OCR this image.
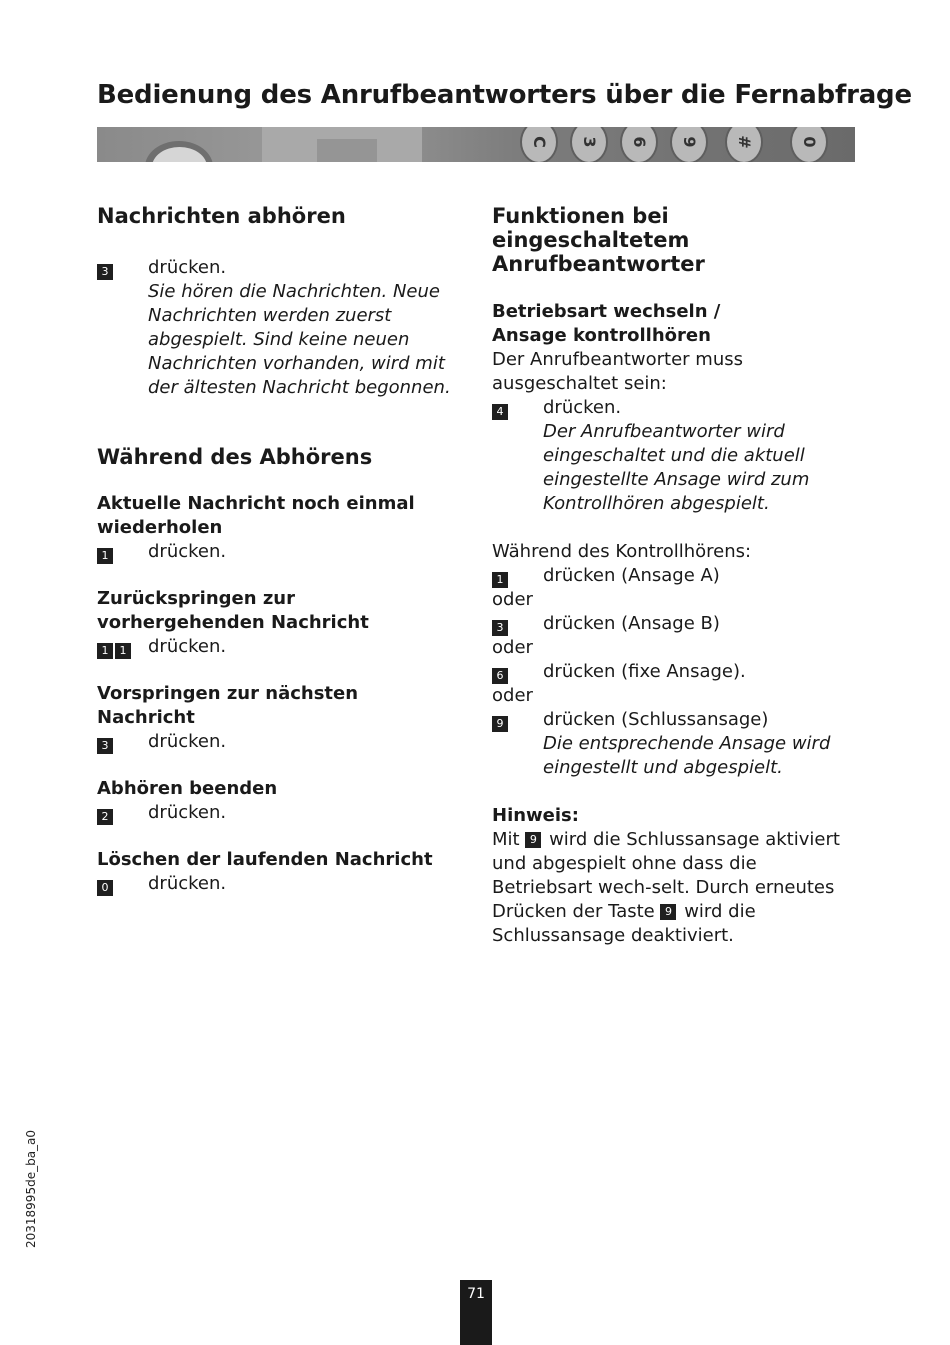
Bedienung des Anrufbeantworters über die Fernabfrage
C	3	6	9	#	0
Nachrichten abhören
3	drücken.
Sie hören die Nachrichten. Neue Nachrichten werden zuerst abgespielt. Sind keine neuen Nachrichten vorhanden, wird mit der ältesten Nachricht begonnen.
Während des Abhörens
Aktuelle Nachricht noch einmal wiederholen
1	drücken.
Zurückspringen zur vorhergehenden Nachricht
1 1	drücken.
Vorspringen zur nächsten Nachricht
3	drücken.
Abhören beenden
2	drücken.
Löschen der laufenden Nachricht
0	drücken.
Funktionen bei eingeschaltetem Anrufbeantworter
Betriebsart wechseln / Ansage kontrollhören
Der Anrufbeantworter muss ausgeschaltet sein:
4	drücken.
Der Anrufbeantworter wird eingeschaltet und die aktuell eingestellte Ansage wird zum Kontrollhören abgespielt.
Während des Kontrollhörens:
1	drücken (Ansage A)
oder
3	drücken (Ansage B)
oder
6	drücken (fixe Ansage).
oder
9	drücken (Schlussansage)
Die entsprechende Ansage wird eingestellt und abgespielt.
Hinweis:
Mit 9 wird die Schlussansage aktiviert und abgespielt ohne dass die Betriebsart wech-selt. Durch erneutes Drücken der Taste 9 wird die Schlussansage deaktiviert.
20318995de_ba_a0
71
